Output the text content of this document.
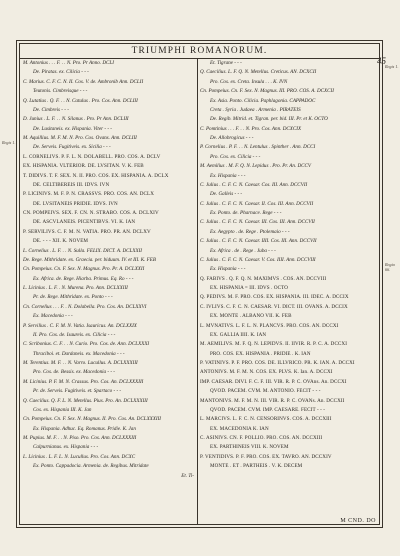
45
Regis 1.
Regis 1.
Regia 66.
TRIUMPHI ROMANORUM.
M. Antonius . . . F. . . N. Pro. Pr Anno. DCLI
De. Piratas. ex. Cilicia - - -
C. Marius. C. F. C. N. II. Cos. V. de. Ambronib Ann. DCLII
Teutonis. Cimbreisque - - -
Q. Lutatius . Q. F. . . N. Catulus . Pro. Cos. Ann. DCLIII
De. Cimbreis - - -
D. Junius . L. F. . . N. Silanus . Pro. Pr Ann. DCLIII
De. Lusitaneis. ex. Hispania. Viter - - -
M. Aquillius. M. F. M. N. Pro. Cos. Ovans. Ann. DCLIII
De. Serveis. Fugitiveis. ex. Sicilia - - -
L. CORNELIVS. P. F. L. N. DOLABELL. PRO. COS. A. DCLV
EX. HISPANIA. VLTERIOR. DE. LVSITAN. V. K. FEB
T. DIDIVS. T. F. SEX. N. II. PRO. COS. EX. HISPANIA. A. DCLX
DE. CELTIBEREIS III. IDVS. IVN
P. LICINIVS. M. F. P. N. CRASSVS. PRO. COS. AN. DCLX
DE. LVSITANEIS PRIDIE. IDVS. IVN
CN. POMPEIVS. SEX. F. CN. N. STRABO. COS. A. DCLXIV
DE. ASCVLANEIS. PICENTIBVS. VI. K. IAN
P. SERVILIVS. C. F. M. N. VATIA. PRO. PR. AN. DCLXV
DE. - - - XII. K. NOVEM
L. Cornelius . L. F. . . N. Sulla. FELIX. DICT. A. DCLXXII
De. Rege. Mithridate. ex. Graecia. per. biduum. IV. et III. K. FEB
Cn. Pompeius. Cn. F. Sex. N. Magnus. Pro. Pr. A. DCLXXII
Ex. Africa. de. Rege. Hiarba. Primus. Eq. Ro - - -
L. Licinius . L. F. . N. Murena. Pro. Ann. DCLXXIII
Pr. de. Rege. Mithridate. ex. Ponto - - -
Cn. Cornelius . . . F. . N. Dolabella. Pro. Cos. An. DCLXXVI
Ex. Macedonia - - -
P. Servilius . C. F. M. N. Vatia. Isauricus. An. DCLXXIX
II. Pro. Cos. de. Isaureis. ex. Cilicia - - -
C. Scribonius. C. F. . . N. Curio. Pro. Cos. de. Ann. DCLXXXI
Thraciboi. et. Dardaneis. ex. Macedonia - - -
M. Terentius. M. F. . . N. Varro. Lucullus. A. DCLXXXIII
Pro. Cos. de. Bessis. ex. Macedonia - - -
M. Licinius. P. F. M. N. Crassus. Pro. Cos. An. DCLXXXIII
Pr. de. Serveis. Fugitiveis. et. Spartaco - - -
Q. Caecilius. Q. F. L. N. Metellus. Pius. Pro. An. DCLXXXIII
Cos. ex. Hispania III. K. Jan
Cn. Pompeius. Cn. F. Sex. N. Magnus. II. Pro. Cos. An. DCLXXXIII
Ex. Hispania. Adhuc. Eq. Romanus. Pridie. K. Jan
M. Pupius. M. F. . . N. Piso. Pro. Cos. Ann. DCLXXXIII
Calpurnianus. ex. Hispania - - -
L. Licinius . L. F. L. N. Lucullus. Pro. Cos. Ann. DCXC
Ex. Ponto. Cappadocia. Armenia. de. Regibus. Mitridate
Et. Ti-
Et. Tigrane - - -
Q. Caecilius. L. F. Q. N. Metellus. Creticus. AN. DCXCII
Pro. Cos. ex. Creta. Insula . . . K. IVN
Cn. Pompeius. Cn. F. Sex. N. Magnus. III. PRO. COS. A. DCXCII
Ex. Asia. Ponto. Cilicia. Paphlagonia. CAPPADOC
Creta . Syria . Judaea . Armenia . PIRATEIS
De. Regib. Mitrid. et. Tigran. per. bid. III. Pr. et K. OCTO
C. Pomtinius . . . F. . . N. Pro. Cos. Ann. DCXCIX
De. Allobrogicus - - -
P. Cornelius . P. F. . . N. Lentulus . Spinther . Ann. DCCI
Pro. Cos. ex. Cilicia - - -
M. Aemilius . M. F. Q. N. Lepidus . Pro. Pr. An. DCCV
Ex. Hispania - - -
C. Julius . C. F. C. N. Caesar. Cos. III. Ann. DCCVII
De. Galleis - - -
C. Julius . C. F. C. N. Caesar. II. Cos. III. Ann. DCCVII
Ex. Ponto. de. Pharnace. Rege - - -
C. Julius . C. F. C. N. Caesar. III. Cos. III. Ann. DCCVII
Ex. Aegypto . de. Rege . Ptolemaio - - -
C. Julius . C. F. C. N. Caesar. IIII. Cos. III. Ann. DCCVII
Ex. Africa . de . Rege . Juba - - -
C. Julius . C. F. C. N. Caesar. V. Cos. IIII. Ann. DCCVIII
Ex. Hispania - - -
Q. FABIVS . Q. F. Q. N. MAXIMVS . COS. AN. DCCVIII
EX. HISPANIA = III. IDVS . OCTO
Q. PEDIVS. M. F. PRO. COS. EX. HISPANIA. III. IDEC. A. DCCIX
C. IVLIVS. C. F. C. N. CAESAR. VI. DICT. III. OVANS. A. DCCIX
EX. MONTE . ALBANO VII. K. FEB
L. MVNATIVS. L. F. L. N. PLANCVS. PRO. COS. AN. DCCXI
EX. GALLIA IIII. K. IAN
M. AEMILIVS. M. F. Q. N. LEPIDVS. II. IIVIR. R. P. C. A. DCCXI
PRO. COS. EX. HISPANIA . PRIDIE . K. IAN
P. VATINIVS. P. F. PRO. COS. DE. ILLVRICO. PR. K. IAN. A. DCCXI
ANTONIVS. M. F. M. N. COS. EX. PLVS. K. Ian. A. DCCXI
IMP. CAESAR. DIVI. F. C. F. III. VIR. R. P. C. OVAns. An. DCCXI
QVOD. PACEM. CVM. M. ANTONIO. FECIT - - -
MANTONIVS. M. F. M. N. III. VIR. R. P. C. OVANs. An. DCCXII
QVOD. PACEM. CVM. IMP. CAESARE. FECIT - - -
L. MARCIVS. L. F. C. N. CENSORINVS. COS. A. DCCXIII
EX. MACEDONIA K. IAN
C. ASINIVS. CN. F. POLLIO. PRO. COS. AN. DCCXIII
EX. PARTHINEIS VIII. K. NOVEM
P. VENTIDIVS. P. F. PRO. COS. EX. TAVRO. AN. DCCXIV
MONTE . ET . PARTHEIS . V. K. DECEM
M CND. DO
